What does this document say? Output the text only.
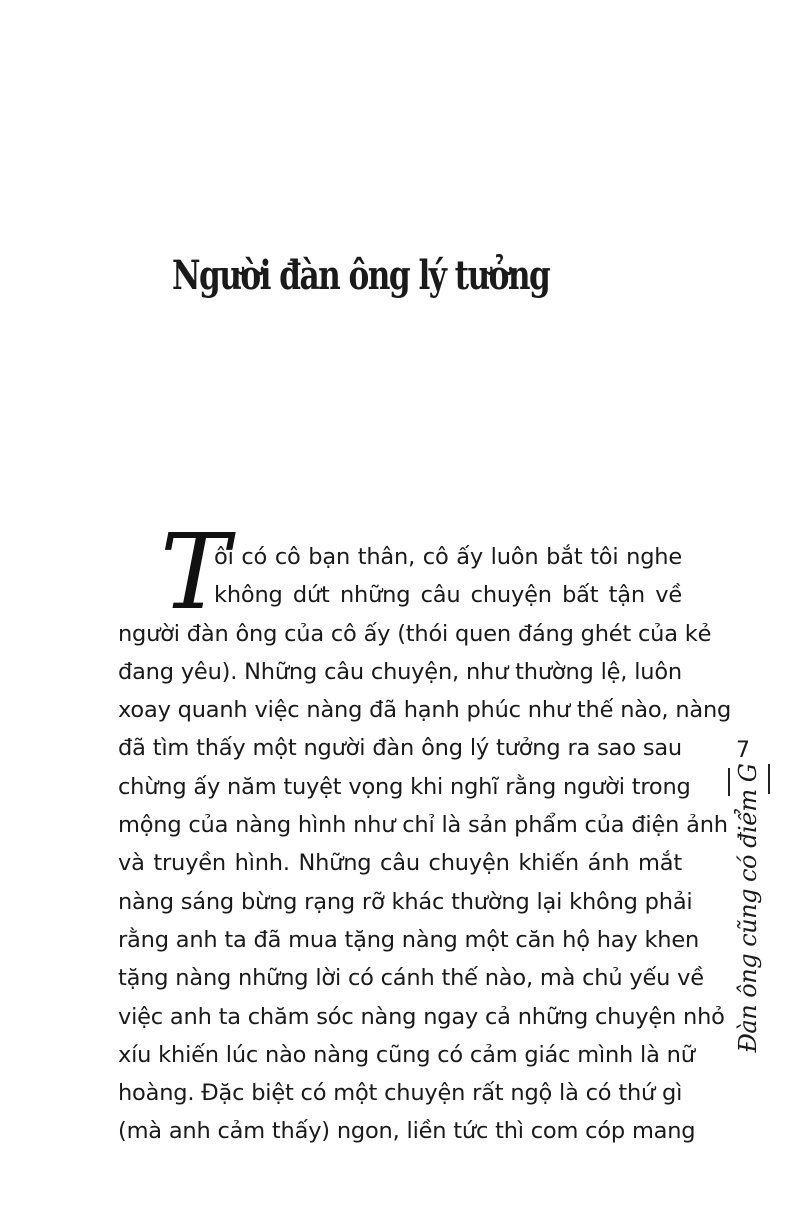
Người đàn ông lý tưởng
T
ôi có cô bạn thân, cô ấy luôn bắt tôi nghe
không dứt những câu chuyện bất tận về
người đàn ông của cô ấy (thói quen đáng ghét của kẻ
đang yêu). Những câu chuyện, như thường lệ, luôn
xoay quanh việc nàng đã hạnh phúc như thế nào, nàng
đã tìm thấy một người đàn ông lý tưởng ra sao sau
chừng ấy năm tuyệt vọng khi nghĩ rằng người trong
mộng của nàng hình như chỉ là sản phẩm của điện ảnh
và truyền hình. Những câu chuyện khiến ánh mắt
nàng sáng bừng rạng rỡ khác thường lại không phải
rằng anh ta đã mua tặng nàng một căn hộ hay khen
tặng nàng những lời có cánh thế nào, mà chủ yếu về
việc anh ta chăm sóc nàng ngay cả những chuyện nhỏ
xíu khiến lúc nào nàng cũng có cảm giác mình là nữ
hoàng. Đặc biệt có một chuyện rất ngộ là có thứ gì
(mà anh cảm thấy) ngon, liền tức thì com cóp mang
7
Đàn ông cũng có điểm G
